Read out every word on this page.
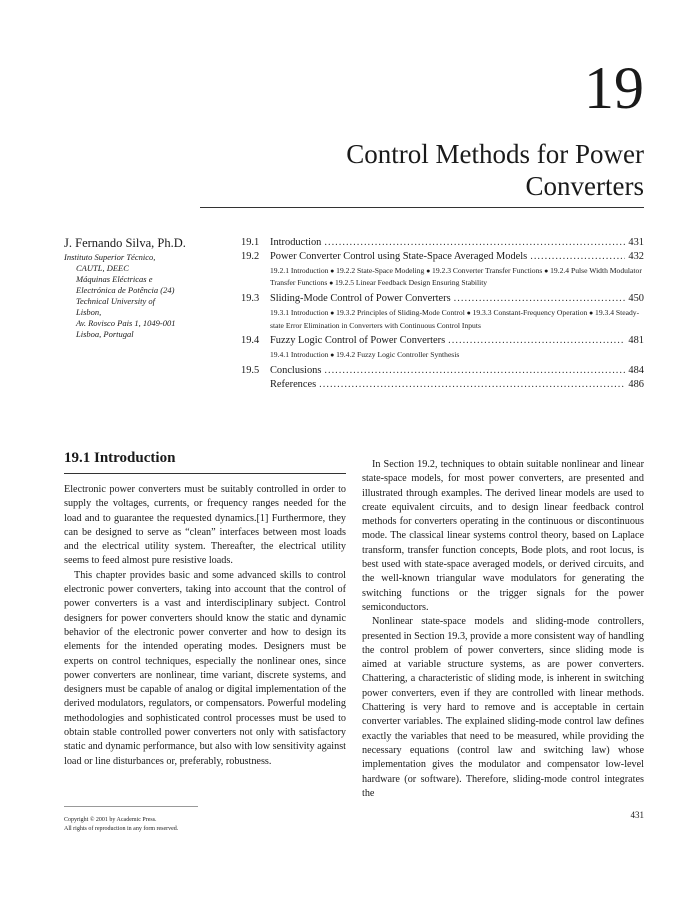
19
Control Methods for Power
Converters
J. Fernando Silva, Ph.D.
Instituto Superior Técnico,
CAUTL, DEEC
Máquinas Eléctricas e
Electrónica de Potência (24)
Technical University of
Lisbon,
Av. Rovisco Pais 1, 1049-001
Lisboa, Portugal
19.1 Introduction .....	431
19.2 Power Converter Control using State-Space Averaged Models .....	432
19.2.1 Introduction ● 19.2.2 State-Space Modeling ● 19.2.3 Converter Transfer Functions ● 19.2.4 Pulse Width Modulator Transfer Functions ● 19.2.5 Linear Feedback Design Ensuring Stability
19.3 Sliding-Mode Control of Power Converters .....	450
19.3.1 Introduction ● 19.3.2 Principles of Sliding-Mode Control ● 19.3.3 Constant-Frequency Operation ● 19.3.4 Steady-state Error Elimination in Converters with Continuous Control Inputs
19.4 Fuzzy Logic Control of Power Converters .....	481
19.4.1 Introduction ● 19.4.2 Fuzzy Logic Controller Synthesis
19.5 Conclusions .....	484
References .....	486
19.1 Introduction

Electronic power converters must be suitably controlled in order to supply the voltages, currents, or frequency ranges needed for the load and to guarantee the requested dynamics.[1] Furthermore, they can be designed to serve as “clean” interfaces between most loads and the electrical utility system. Thereafter, the electrical utility seems to feed almost pure resistive loads.

This chapter provides basic and some advanced skills to control electronic power converters, taking into account that the control of power converters is a vast and interdisciplinary subject. Control designers for power converters should know the static and dynamic behavior of the electronic power converter and how to design its elements for the intended operating modes. Designers must be experts on control techniques, especially the nonlinear ones, since power converters are nonlinear, time variant, discrete systems, and designers must be capable of analog or digital implementation of the derived modulators, regulators, or compensators. Powerful modeling methodologies and sophisticated control processes must be used to obtain stable controlled power converters not only with satisfactory static and dynamic performance, but also with low sensitivity against load or line disturbances or, preferably, robustness.

In Section 19.2, techniques to obtain suitable nonlinear and linear state-space models, for most power converters, are presented and illustrated through examples. The derived linear models are used to create equivalent circuits, and to design linear feedback control methods for converters operating in the continuous or discontinuous mode. The classical linear systems control theory, based on Laplace transform, transfer function concepts, Bode plots, and root locus, is best used with state-space averaged models, or derived circuits, and the well-known triangular wave modulators for generating the switching functions or the trigger signals for the power semiconductors.

Nonlinear state-space models and sliding-mode controllers, presented in Section 19.3, provide a more consistent way of handling the control problem of power converters, since sliding mode is aimed at variable structure systems, as are power converters. Chattering, a characteristic of sliding mode, is inherent in switching power converters, even if they are controlled with linear methods. Chattering is very hard to remove and is acceptable in certain converter variables. The explained sliding-mode control law defines exactly the variables that need to be measured, while providing the necessary equations (control law and switching law) whose implementation gives the modulator and compensator low-level hardware (or software). Therefore, sliding-mode control integrates the

Copyright © 2001 by Academic Press.
All rights of reproduction in any form reserved.
431
